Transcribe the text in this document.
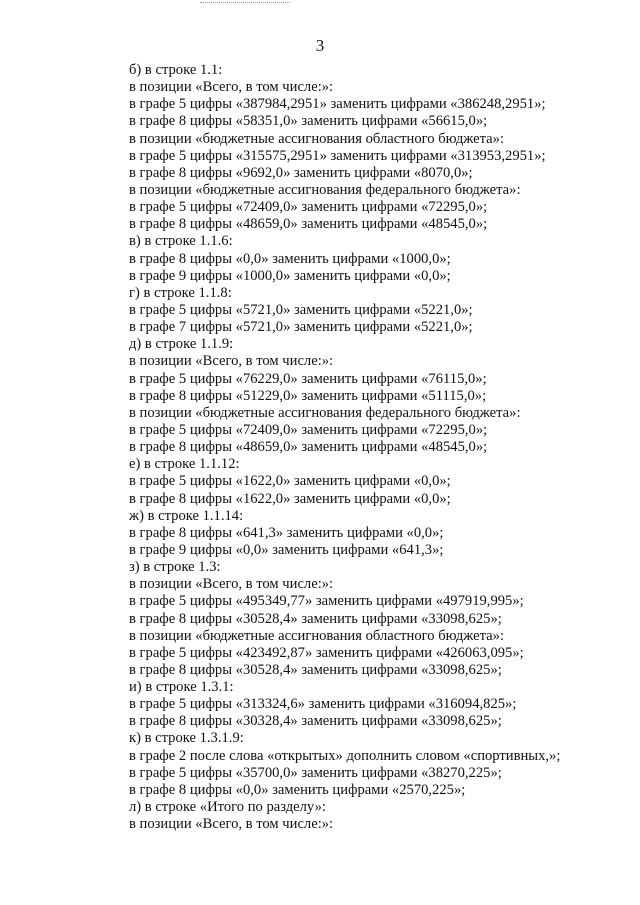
3
б) в строке 1.1:
в позиции «Всего, в том числе:»:
в графе 5 цифры «387984,2951» заменить цифрами «386248,2951»;
в графе 8 цифры «58351,0» заменить цифрами «56615,0»;
в позиции «бюджетные ассигнования областного бюджета»:
в графе 5 цифры «315575,2951» заменить цифрами «313953,2951»;
в графе 8 цифры «9692,0» заменить цифрами «8070,0»;
в позиции «бюджетные ассигнования федерального бюджета»:
в графе 5 цифры «72409,0» заменить цифрами «72295,0»;
в графе 8 цифры «48659,0» заменить цифрами «48545,0»;
в) в строке 1.1.6:
в графе 8 цифры «0,0» заменить цифрами «1000,0»;
в графе 9 цифры «1000,0» заменить цифрами «0,0»;
г) в строке 1.1.8:
в графе 5 цифры «5721,0» заменить цифрами «5221,0»;
в графе 7 цифры «5721,0» заменить цифрами «5221,0»;
д) в строке 1.1.9:
в позиции «Всего, в том числе:»:
в графе 5 цифры «76229,0» заменить цифрами «76115,0»;
в графе 8 цифры «51229,0» заменить цифрами «51115,0»;
в позиции «бюджетные ассигнования федерального бюджета»:
в графе 5 цифры «72409,0» заменить цифрами «72295,0»;
в графе 8 цифры «48659,0» заменить цифрами «48545,0»;
е) в строке 1.1.12:
в графе 5 цифры «1622,0» заменить цифрами «0,0»;
в графе 8 цифры «1622,0» заменить цифрами «0,0»;
ж) в строке 1.1.14:
в графе 8 цифры «641,3» заменить цифрами «0,0»;
в графе 9 цифры «0,0» заменить цифрами «641,3»;
з) в строке 1.3:
в позиции «Всего, в том числе:»:
в графе 5 цифры «495349,77» заменить цифрами «497919,995»;
в графе 8 цифры «30528,4» заменить цифрами «33098,625»;
в позиции «бюджетные ассигнования областного бюджета»:
в графе 5 цифры «423492,87» заменить цифрами «426063,095»;
в графе 8 цифры «30528,4» заменить цифрами «33098,625»;
и) в строке 1.3.1:
в графе 5 цифры «313324,6» заменить цифрами «316094,825»;
в графе 8 цифры «30328,4» заменить цифрами «33098,625»;
к) в строке 1.3.1.9:
в графе 2 после слова «открытых» дополнить словом «спортивных,»;
в графе 5 цифры «35700,0» заменить цифрами «38270,225»;
в графе 8 цифры «0,0» заменить цифрами «2570,225»;
л) в строке «Итого по разделу»:
в позиции «Всего, в том числе:»:
